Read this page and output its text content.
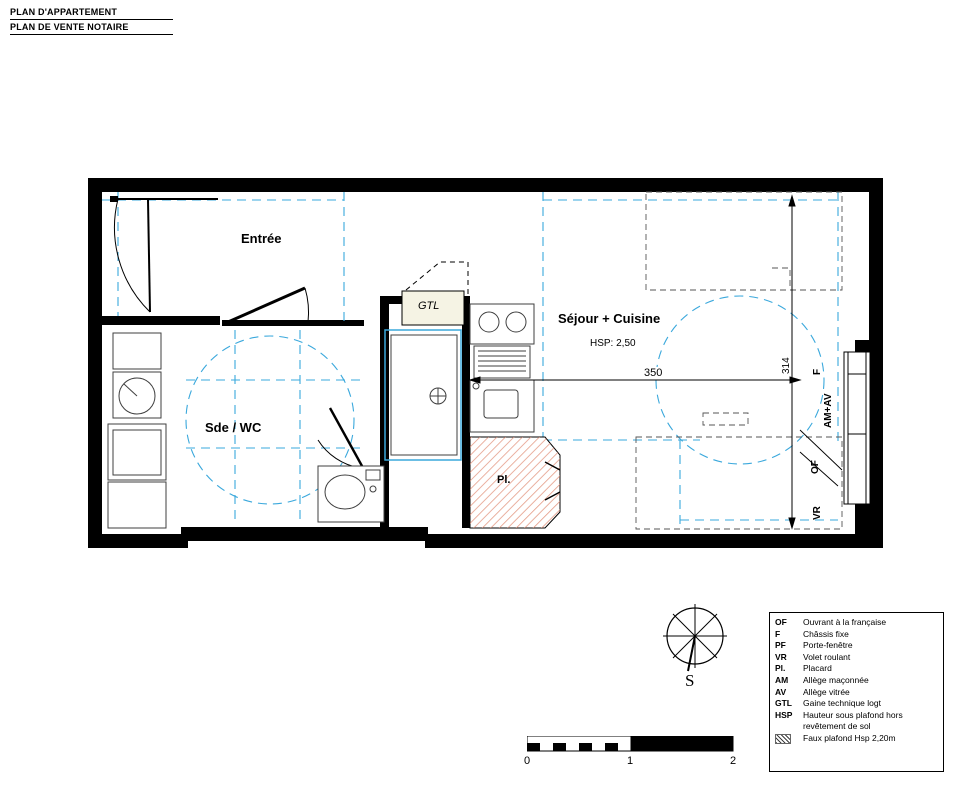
PLAN D'APPARTEMENT
PLAN DE VENTE NOTAIRE
Entrée
Sde / WC
Séjour + Cuisine
HSP: 2,50
GTL
Pl.
350	314 F
AM+AV
OF
VR
S
OF	Ouvrant à la française
F	Châssis fixe
PF	Porte-fenêtre
VR	Volet roulant
Pl.	Placard
AM	Allège maçonnée
AV	Allège vitrée
GTL	Gaine technique logt
HSP	Hauteur sous plafond hors
	revêtement de sol
	Faux plafond Hsp 2,20m
0	1	2
